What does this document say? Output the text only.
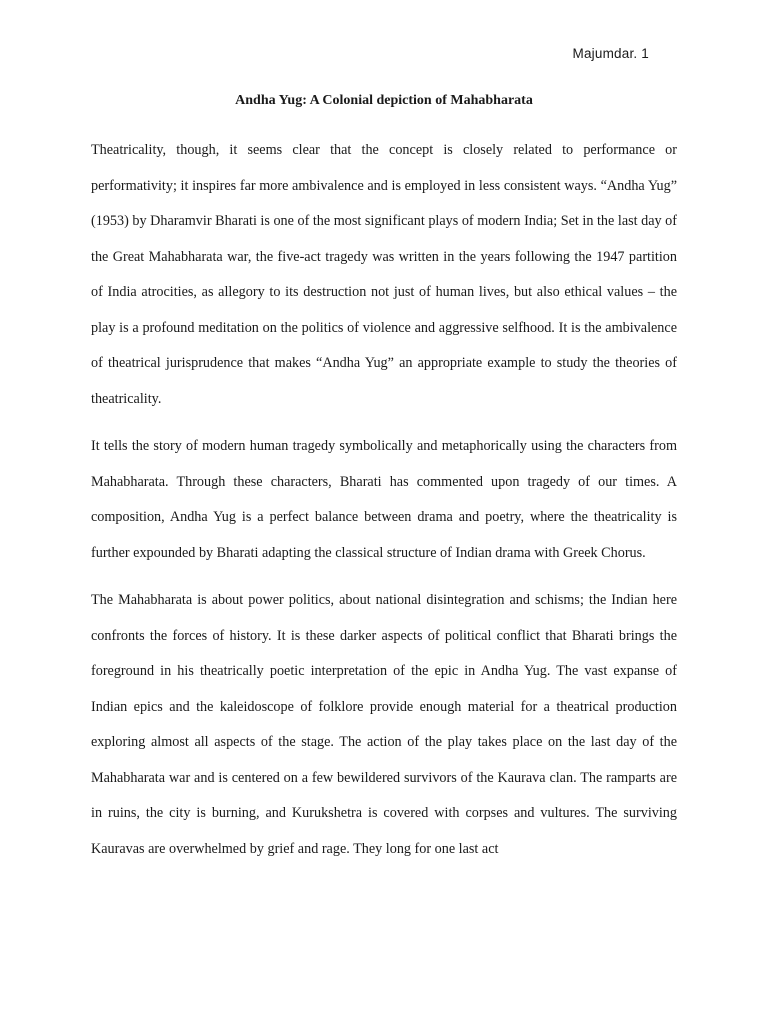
Majumdar. 1
Andha Yug: A Colonial depiction of Mahabharata

Theatricality, though, it seems clear that the concept is closely related to performance or performativity; it inspires far more ambivalence and is employed in less consistent ways. “Andha Yug” (1953) by Dharamvir Bharati is one of the most significant plays of modern India; Set in the last day of the Great Mahabharata war, the five-act tragedy was written in the years following the 1947 partition of India atrocities, as allegory to its destruction not just of human lives, but also ethical values – the play is a profound meditation on the politics of violence and aggressive selfhood. It is the ambivalence of theatrical jurisprudence that makes “Andha Yug” an appropriate example to study the theories of theatricality.

It tells the story of modern human tragedy symbolically and metaphorically using the characters from Mahabharata. Through these characters, Bharati has commented upon tragedy of our times. A composition, Andha Yug is a perfect balance between drama and poetry, where the theatricality is further expounded by Bharati adapting the classical structure of Indian drama with Greek Chorus.

The Mahabharata is about power politics, about national disintegration and schisms; the Indian here confronts the forces of history. It is these darker aspects of political conflict that Bharati brings the foreground in his theatrically poetic interpretation of the epic in Andha Yug. The vast expanse of Indian epics and the kaleidoscope of folklore provide enough material for a theatrical production exploring almost all aspects of the stage. The action of the play takes place on the last day of the Mahabharata war and is centered on a few bewildered survivors of the Kaurava clan. The ramparts are in ruins, the city is burning, and Kurukshetra is covered with corpses and vultures. The surviving Kauravas are overwhelmed by grief and rage. They long for one last act
